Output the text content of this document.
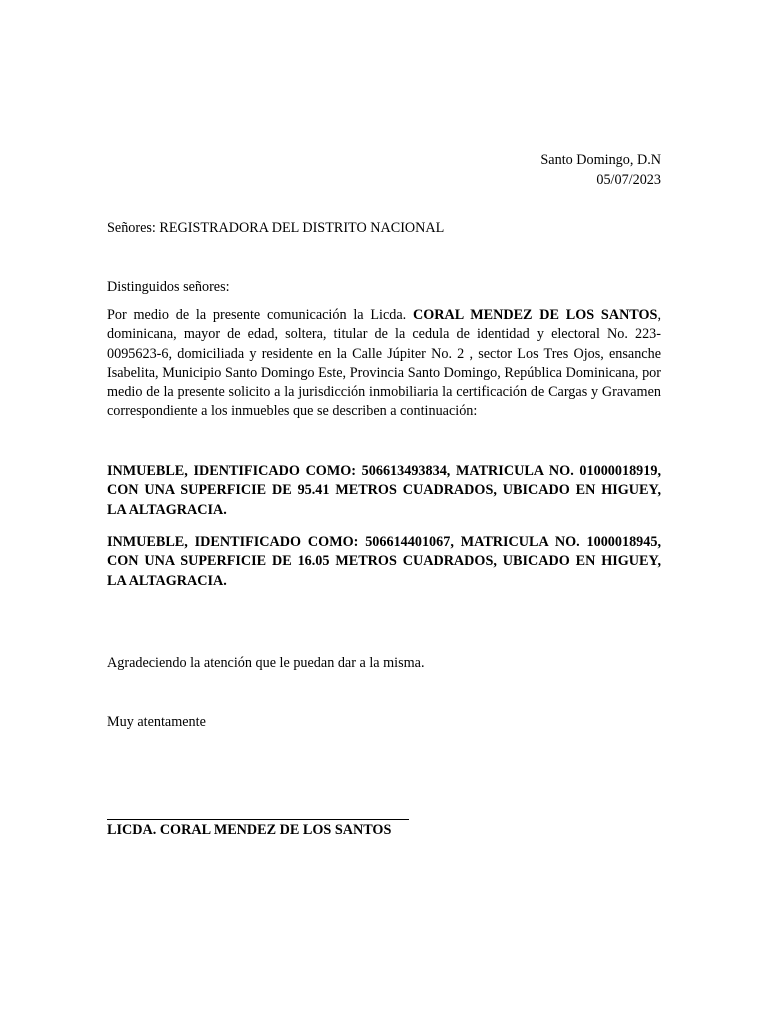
Santo Domingo, D.N
05/07/2023
Señores: REGISTRADORA DEL DISTRITO NACIONAL
Distinguidos señores:
Por medio de la presente comunicación la Licda. CORAL MENDEZ DE LOS SANTOS, dominicana, mayor de edad, soltera, titular de la cedula de identidad y electoral No. 223-0095623-6, domiciliada y residente en la Calle Júpiter No. 2 , sector Los Tres Ojos, ensanche Isabelita, Municipio Santo Domingo Este, Provincia Santo Domingo, República Dominicana, por medio de la presente solicito a la jurisdicción inmobiliaria la certificación de Cargas y Gravamen correspondiente a los inmuebles que se describen a continuación:
INMUEBLE, IDENTIFICADO COMO: 506613493834, MATRICULA NO. 01000018919, CON UNA SUPERFICIE DE 95.41 METROS CUADRADOS, UBICADO EN HIGUEY, LA ALTAGRACIA.
INMUEBLE, IDENTIFICADO COMO: 506614401067, MATRICULA NO. 1000018945, CON UNA SUPERFICIE DE 16.05 METROS CUADRADOS, UBICADO EN HIGUEY, LA ALTAGRACIA.
Agradeciendo la atención que le puedan dar a la misma.
Muy atentamente
LICDA. CORAL MENDEZ DE LOS SANTOS
